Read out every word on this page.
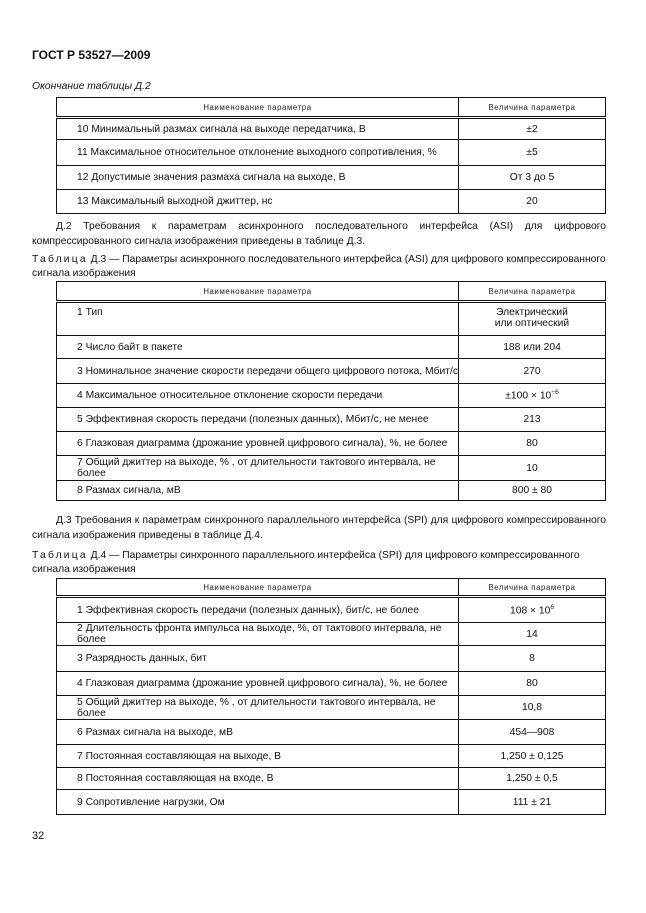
ГОСТ Р 53527—2009
Окончание таблицы Д.2
Наименование параметра	Величина параметра
10 Минимальный размах сигнала на выходе передатчика, В	±2
11 Максимальное относительное отклонение выходного сопротивления, %	±5
12 Допустимые значения размаха сигнала на выходе, В	От 3 до 5
13 Максимальный выходной джиттер, нс	20
Д.2 Требования к параметрам асинхронного последовательного интерфейса (ASI) для цифрового компрессированного сигнала изображения приведены в таблице Д.3.
Таблица Д.3 — Параметры асинхронного последовательного интерфейса (ASI) для цифрового компрессированного сигнала изображения
Наименование параметра	Величина параметра
1 Тип	Электрический
или оптический
2 Число байт в пакете	188 или 204
3 Номинальное значение скорости передачи общего цифрового потока, Мбит/с	270
4 Максимальное относительное отклонение скорости передачи	$\pm 100 \times 10^{-6}$
5 Эффективная скорость передачи (полезных данных), Мбит/с, не менее	213
6 Глазковая диаграмма (дрожание уровней цифрового сигнала), %, не более	80
7 Общий джиттер на выходе, % , от длительности тактового интервала, не более	10
8 Размах сигнала, мВ	800 ± 80
Д.3 Требования к параметрам синхронного параллельного интерфейса (SPI) для цифрового компрессированного сигнала изображения приведены в таблице Д.4.
Таблица Д.4 — Параметры синхронного параллельного интерфейса (SPI) для цифрового компрессированного сигнала изображения
Наименование параметра	Величина параметра
1 Эффективная скорость передачи (полезных данных), бит/с, не более	$108 \times 10^6$
2 Длительность фронта импульса на выходе, %, от тактового интервала, не более	14
3 Разрядность данных, бит	8
4 Глазковая диаграмма (дрожание уровней цифрового сигнала), %, не более	80
5 Общий джиттер на выходе, % , от длительности тактового интервала, не более	10,8
6 Размах сигнала на выходе, мВ	454—908
7 Постоянная составляющая на выходе, В	1,250 ± 0,125
8 Постоянная составляющая на входе, В	1,250 ± 0,5
9 Сопротивление нагрузки, Ом	111 ± 21
32
